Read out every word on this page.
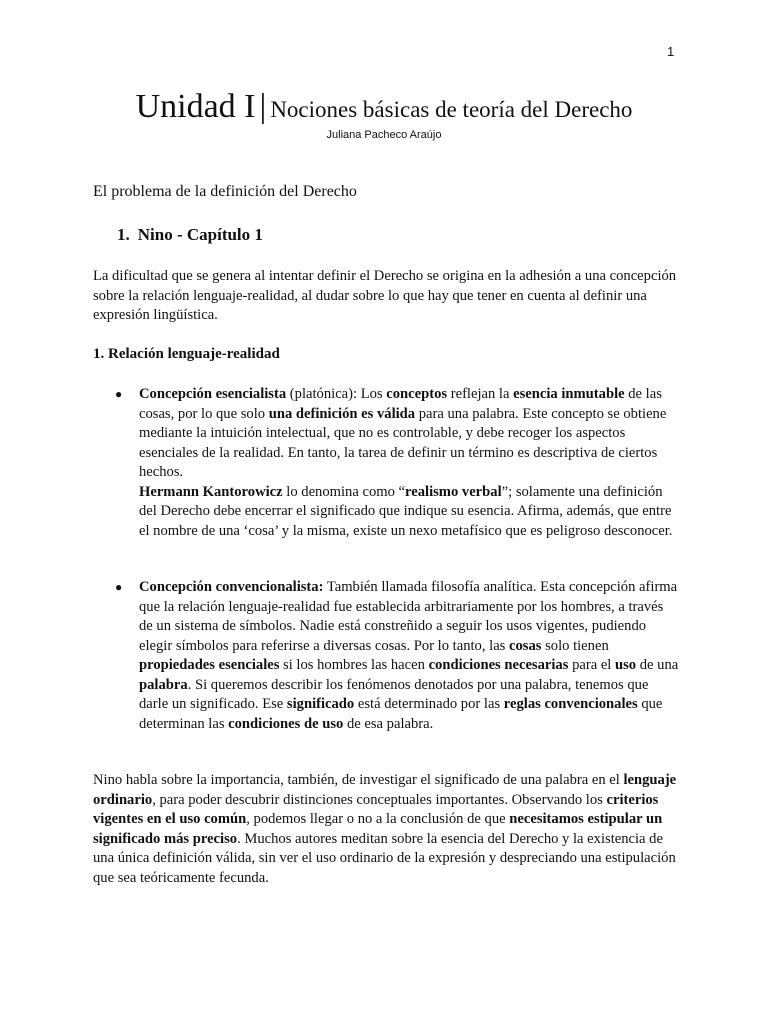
1
Unidad I | Nociones básicas de teoría del Derecho
Juliana Pacheco Araújo
El problema de la definición del Derecho
1. Nino - Capítulo 1
La dificultad que se genera al intentar definir el Derecho se origina en la adhesión a una concepción sobre la relación lenguaje-realidad, al dudar sobre lo que hay que tener en cuenta al definir una expresión lingüística.
1. Relación lenguaje-realidad
● Concepción esencialista (platónica): Los conceptos reflejan la esencia inmutable de las cosas, por lo que solo una definición es válida para una palabra. Este concepto se obtiene mediante la intuición intelectual, que no es controlable, y debe recoger los aspectos esenciales de la realidad. En tanto, la tarea de definir un término es descriptiva de ciertos hechos.
Hermann Kantorowicz lo denomina como “realismo verbal”; solamente una definición del Derecho debe encerrar el significado que indique su esencia. Afirma, además, que entre el nombre de una ‘cosa’ y la misma, existe un nexo metafísico que es peligroso desconocer.
● Concepción convencionalista: También llamada filosofía analítica. Esta concepción afirma que la relación lenguaje-realidad fue establecida arbitrariamente por los hombres, a través de un sistema de símbolos. Nadie está constreñido a seguir los usos vigentes, pudiendo elegir símbolos para referirse a diversas cosas. Por lo tanto, las cosas solo tienen propiedades esenciales si los hombres las hacen condiciones necesarias para el uso de una palabra. Si queremos describir los fenómenos denotados por una palabra, tenemos que darle un significado. Ese significado está determinado por las reglas convencionales que determinan las condiciones de uso de esa palabra.
Nino habla sobre la importancia, también, de investigar el significado de una palabra en el lenguaje ordinario, para poder descubrir distinciones conceptuales importantes. Observando los criterios vigentes en el uso común, podemos llegar o no a la conclusión de que necesitamos estipular un significado más preciso. Muchos autores meditan sobre la esencia del Derecho y la existencia de una única definición válida, sin ver el uso ordinario de la expresión y despreciando una estipulación que sea teóricamente fecunda.
